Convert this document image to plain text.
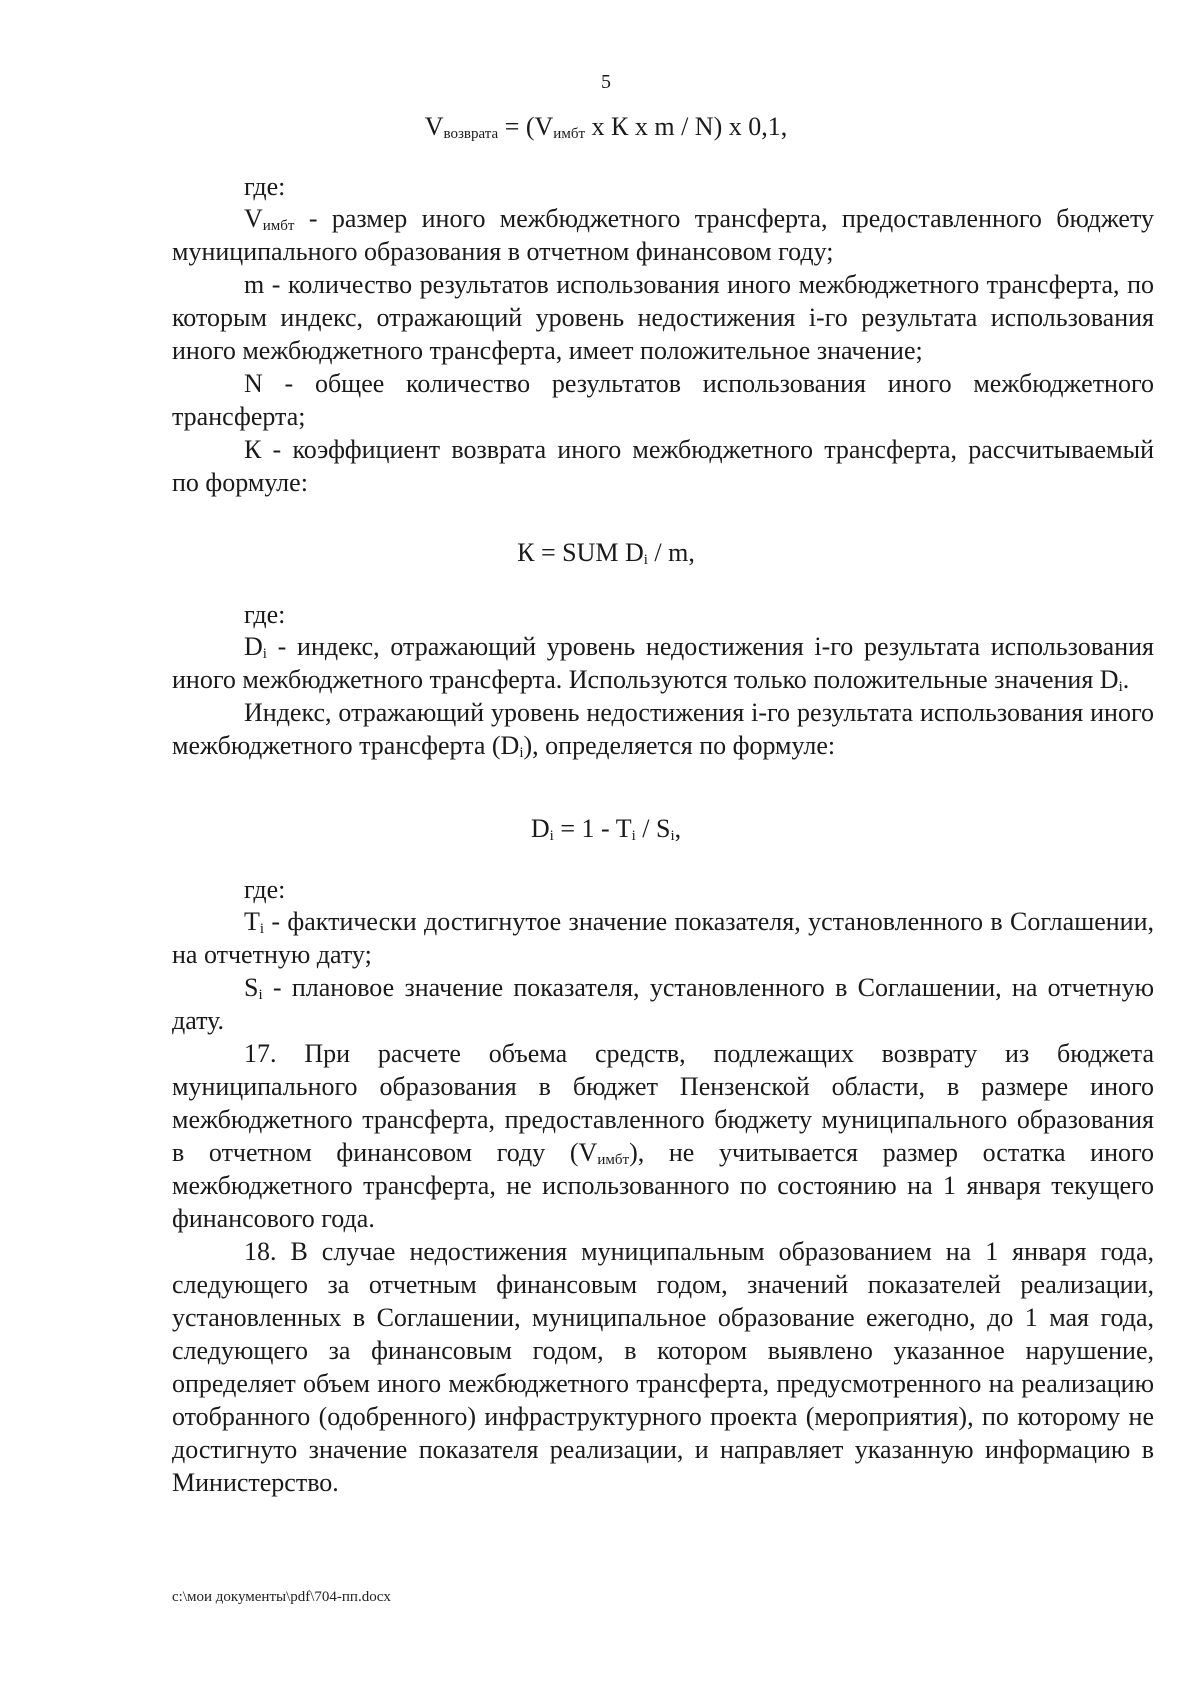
5
$V_{возврата} = (V_{имбт}$ х К х m / N) х 0,1,
где:

$V_{имбт}$ - размер иного межбюджетного трансферта, предоставленного бюджету муниципального образования в отчетном финансовом году;

m - количество результатов использования иного межбюджетного трансферта, по которым индекс, отражающий уровень недостижения i-го результата использования иного межбюджетного трансферта, имеет положительное значение;

N - общее количество результатов использования иного межбюджетного трансферта;

К - коэффициент возврата иного межбюджетного трансферта, рассчитываемый по формуле:

К = SUM $D_i$ / m,
где:

$D_i$ - индекс, отражающий уровень недостижения i-го результата использования иного межбюджетного трансферта. Используются только положительные значения $D_i$.

Индекс, отражающий уровень недостижения i-го результата использования иного межбюджетного трансферта $(D_i)$, определяется по формуле:

$D_i = 1 - T_i / S_i$,
где:

$T_i$ - фактически достигнутое значение показателя, установленного в Соглашении, на отчетную дату;

$S_i$ - плановое значение показателя, установленного в Соглашении, на отчетную дату.

17. При расчете объема средств, подлежащих возврату из бюджета муниципального образования в бюджет Пензенской области, в размере иного межбюджетного трансферта, предоставленного бюджету муниципального образования в отчетном финансовом году $(V_{имбт})$, не учитывается размер остатка иного межбюджетного трансферта, не использованного по состоянию на 1 января текущего финансового года.

18. В случае недостижения муниципальным образованием на 1 января года, следующего за отчетным финансовым годом, значений показателей реализации, установленных в Соглашении, муниципальное образование ежегодно, до 1 мая года, следующего за финансовым годом, в котором выявлено указанное нарушение, определяет объем иного межбюджетного трансферта, предусмотренного на реализацию отобранного (одобренного) инфраструктурного проекта (мероприятия), по которому не достигнуто значение показателя реализации, и направляет указанную информацию в Министерство.

c:\мои документы\pdf\704-пп.docx
